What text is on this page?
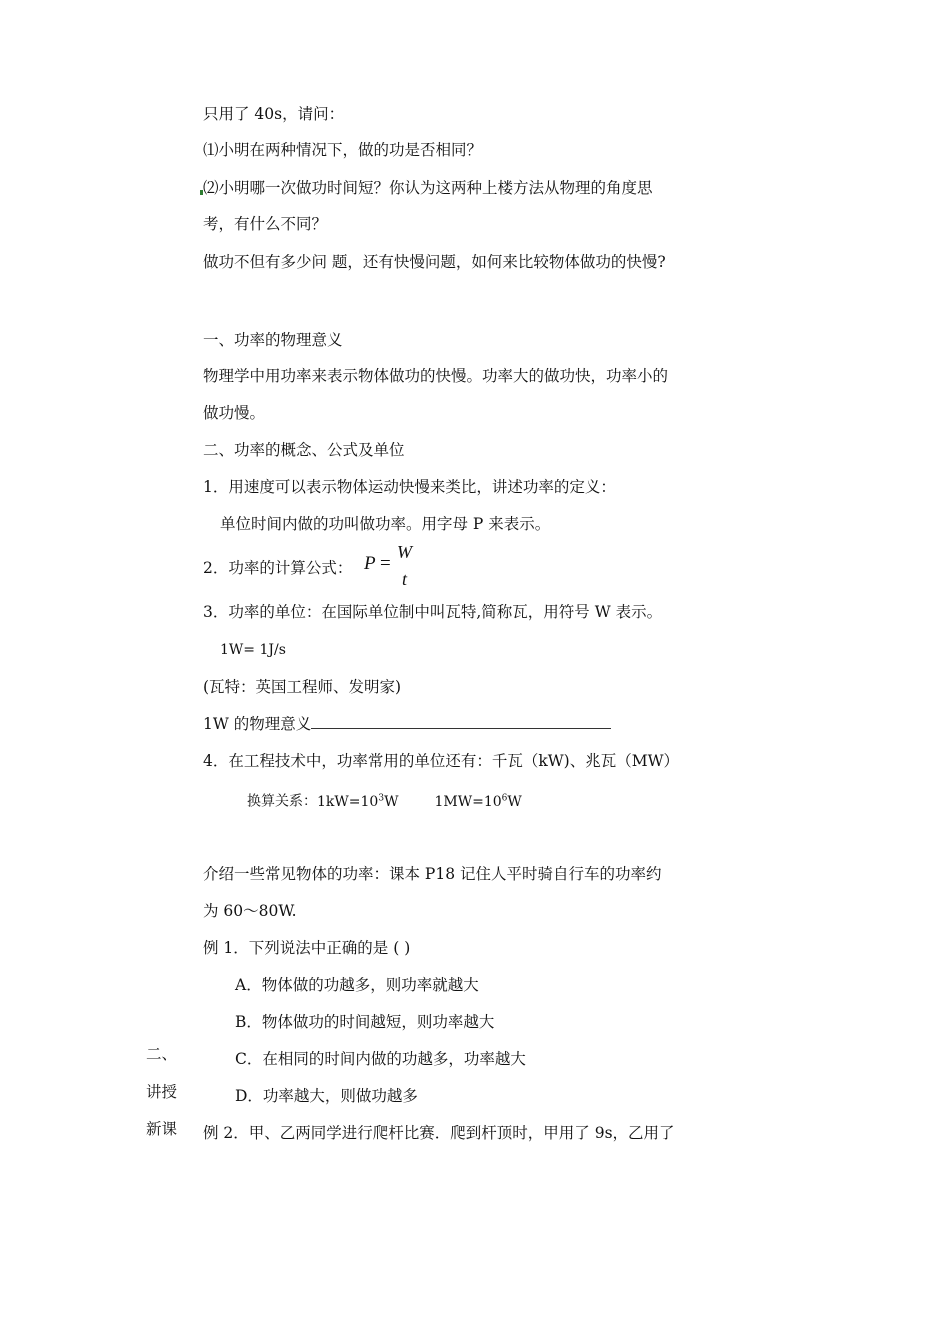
只用了 40s，请问：
⑴小明在两种情况下，做的功是否相同？
⑵小明哪一次做功时间短？你认为这两种上楼方法从物理的角度思
考，有什么不同？
做功不但有多少问 题，还有快慢问题，如何来比较物体做功的快慢?
一、功率的物理意义
物理学中用功率来表示物体做功的快慢。功率大的做功快，功率小的
做功慢。
二、功率的概念、公式及单位
1．用速度可以表示物体运动快慢来类比，讲述功率的定义：
单位时间内做的功叫做功率。用字母 P 来表示。
2．功率的计算公式： P =
W
t
3．功率的单位：在国际单位制中叫瓦特,简称瓦，用符号 W 表示。
1W= 1J/s
(瓦特：英国工程师、发明家)
1W 的物理意义
4．在工程技术中，功率常用的单位还有：千瓦（kW)、兆瓦（MW）
换算关系：$1kW=10^3W$	$1MW=10^6W$
介绍一些常见物体的功率：课本 P18 记住人平时骑自行车的功率约
为 60～80W.
例 1．下列说法中正确的是 ( )
A．物体做的功越多，则功率就越大
B．物体做功的时间越短，则功率越大
C．在相同的时间内做的功越多，功率越大
D．功率越大，则做功越多
例 2．甲、乙两同学进行爬杆比赛．爬到杆顶时，甲用了 9s，乙用了
二、
讲授
新课
